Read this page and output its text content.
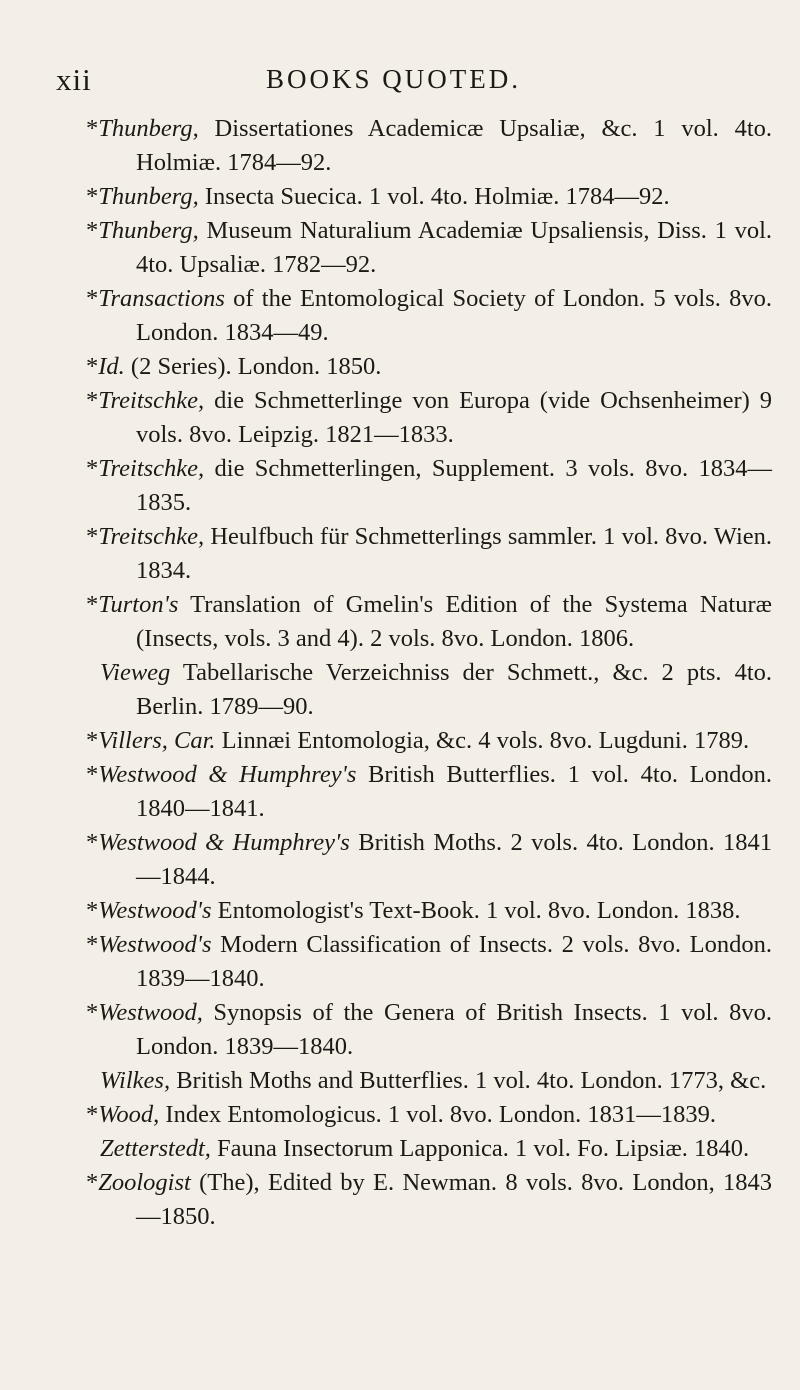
xii	BOOKS QUOTED.
*Thunberg, Dissertationes Academicæ Upsaliæ, &c. 1 vol. 4to. Holmiæ. 1784—92.
*Thunberg, Insecta Suecica. 1 vol. 4to. Holmiæ. 1784—92.
*Thunberg, Museum Naturalium Academiæ Upsaliensis, Diss. 1 vol. 4to. Upsaliæ. 1782—92.
*Transactions of the Entomological Society of London. 5 vols. 8vo. London. 1834—49.
*Id. (2 Series). London. 1850.
*Treitschke, die Schmetterlinge von Europa (vide Ochsenheimer) 9 vols. 8vo. Leipzig. 1821—1833.
*Treitschke, die Schmetterlingen, Supplement. 3 vols. 8vo. 1834—1835.
*Treitschke, Heulfbuch für Schmetterlings sammler. 1 vol. 8vo. Wien. 1834.
*Turton's Translation of Gmelin's Edition of the Systema Naturæ (Insects, vols. 3 and 4). 2 vols. 8vo. London. 1806.
Vieweg Tabellarische Verzeichniss der Schmett., &c. 2 pts. 4to. Berlin. 1789—90.
*Villers, Car. Linnæi Entomologia, &c. 4 vols. 8vo. Lugduni. 1789.
*Westwood & Humphrey's British Butterflies. 1 vol. 4to. London. 1840—1841.
*Westwood & Humphrey's British Moths. 2 vols. 4to. London. 1841—1844.
*Westwood's Entomologist's Text-Book. 1 vol. 8vo. London. 1838.
*Westwood's Modern Classification of Insects. 2 vols. 8vo. London. 1839—1840.
*Westwood, Synopsis of the Genera of British Insects. 1 vol. 8vo. London. 1839—1840.
Wilkes, British Moths and Butterflies. 1 vol. 4to. London. 1773, &c.
*Wood, Index Entomologicus. 1 vol. 8vo. London. 1831—1839.
Zetterstedt, Fauna Insectorum Lapponica. 1 vol. Fo. Lipsiæ. 1840.
*Zoologist (The), Edited by E. Newman. 8 vols. 8vo. London, 1843—1850.
